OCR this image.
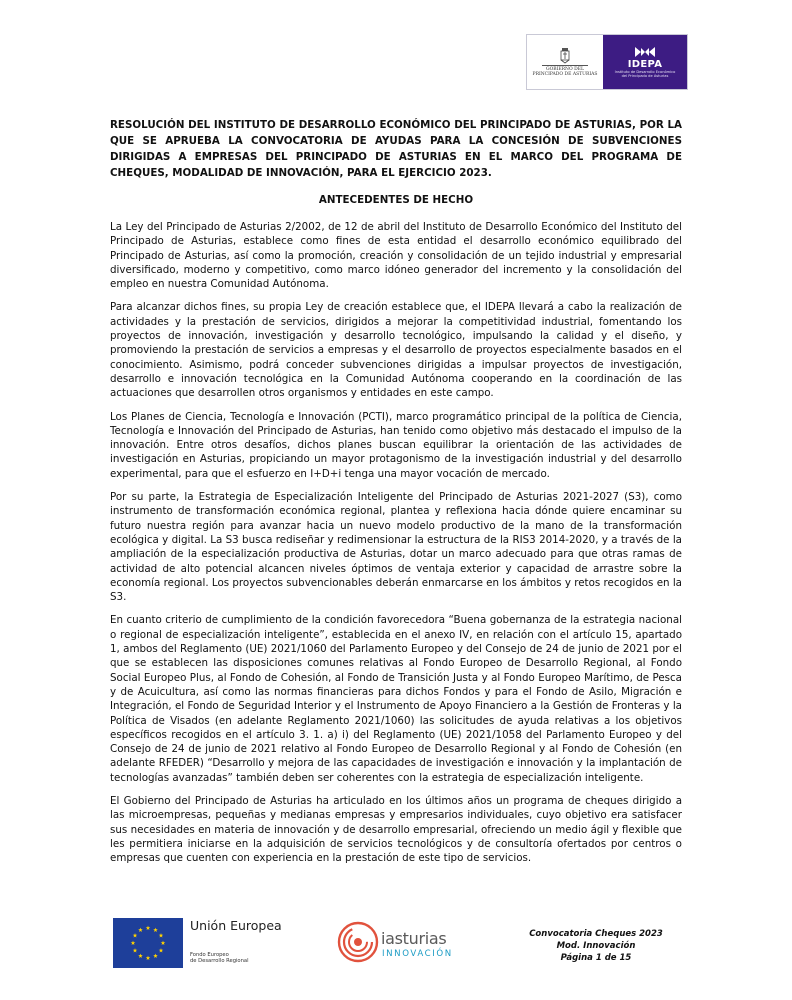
GOBIERNO DEL
PRINCIPADO DE ASTURIAS
IDEPA
Instituto de Desarrollo Económico
del Principado de Asturias

RESOLUCIÓN DEL INSTITUTO DE DESARROLLO ECONÓMICO DEL PRINCIPADO DE ASTURIAS, POR LA QUE SE APRUEBA LA CONVOCATORIA DE AYUDAS PARA LA CONCESIÓN DE SUBVENCIONES DIRIGIDAS A EMPRESAS DEL PRINCIPADO DE ASTURIAS EN EL MARCO DEL PROGRAMA DE CHEQUES, MODALIDAD DE INNOVACIÓN, PARA EL EJERCICIO 2023.

ANTECEDENTES DE HECHO

La Ley del Principado de Asturias 2/2002, de 12 de abril del Instituto de Desarrollo Económico del Instituto del Principado de Asturias, establece como fines de esta entidad el desarrollo económico equilibrado del Principado de Asturias, así como la promoción, creación y consolidación de un tejido industrial y empresarial diversificado, moderno y competitivo, como marco idóneo generador del incremento y la consolidación del empleo en nuestra Comunidad Autónoma.

Para alcanzar dichos fines, su propia Ley de creación establece que, el IDEPA llevará a cabo la realización de actividades y la prestación de servicios, dirigidos a mejorar la competitividad industrial, fomentando los proyectos de innovación, investigación y desarrollo tecnológico, impulsando la calidad y el diseño, y promoviendo la prestación de servicios a empresas y el desarrollo de proyectos especialmente basados en el conocimiento. Asimismo, podrá conceder subvenciones dirigidas a impulsar proyectos de investigación, desarrollo e innovación tecnológica en la Comunidad Autónoma cooperando en la coordinación de las actuaciones que desarrollen otros organismos y entidades en este campo.

Los Planes de Ciencia, Tecnología e Innovación (PCTI), marco programático principal de la política de Ciencia, Tecnología e Innovación del Principado de Asturias, han tenido como objetivo más destacado el impulso de la innovación. Entre otros desafíos, dichos planes buscan equilibrar la orientación de las actividades de investigación en Asturias, propiciando un mayor protagonismo de la investigación industrial y del desarrollo experimental, para que el esfuerzo en I+D+i tenga una mayor vocación de mercado.

Por su parte, la Estrategia de Especialización Inteligente del Principado de Asturias 2021-2027 (S3), como instrumento de transformación económica regional, plantea y reflexiona hacia dónde quiere encaminar su futuro nuestra región para avanzar hacia un nuevo modelo productivo de la mano de la transformación ecológica y digital. La S3 busca rediseñar y redimensionar la estructura de la RIS3 2014-2020, y a través de la ampliación de la especialización productiva de Asturias, dotar un marco adecuado para que otras ramas de actividad de alto potencial alcancen niveles óptimos de ventaja exterior y capacidad de arrastre sobre la economía regional. Los proyectos subvencionables deberán enmarcarse en los ámbitos y retos recogidos en la S3.

En cuanto criterio de cumplimiento de la condición favorecedora “Buena gobernanza de la estrategia nacional o regional de especialización inteligente”, establecida en el anexo IV, en relación con el artículo 15, apartado 1, ambos del Reglamento (UE) 2021/1060 del Parlamento Europeo y del Consejo de 24 de junio de 2021 por el que se establecen las disposiciones comunes relativas al Fondo Europeo de Desarrollo Regional, al Fondo Social Europeo Plus, al Fondo de Cohesión, al Fondo de Transición Justa y al Fondo Europeo Marítimo, de Pesca y de Acuicultura, así como las normas financieras para dichos Fondos y para el Fondo de Asilo, Migración e Integración, el Fondo de Seguridad Interior y el Instrumento de Apoyo Financiero a la Gestión de Fronteras y la Política de Visados (en adelante Reglamento 2021/1060) las solicitudes de ayuda relativas a los objetivos específicos recogidos en el artículo 3. 1. a) i) del Reglamento (UE) 2021/1058 del Parlamento Europeo y del Consejo de 24 de junio de 2021 relativo al Fondo Europeo de Desarrollo Regional y al Fondo de Cohesión (en adelante RFEDER) “Desarrollo y mejora de las capacidades de investigación e innovación y la implantación de tecnologías avanzadas” también deben ser coherentes con la estrategia de especialización inteligente.

El Gobierno del Principado de Asturias ha articulado en los últimos años un programa de cheques dirigido a las microempresas, pequeñas y medianas empresas y empresarios individuales, cuyo objetivo era satisfacer sus necesidades en materia de innovación y de desarrollo empresarial, ofreciendo un medio ágil y flexible que les permitiera iniciarse en la adquisición de servicios tecnológicos y de consultoría ofertados por centros o empresas que cuenten con experiencia en la prestación de este tipo de servicios.

Unión Europea
Fondo Europeo
de Desarrollo Regional
iasturias
INNOVACIÓN
Convocatoria Cheques 2023
Mod. Innovación
Página 1 de 15
